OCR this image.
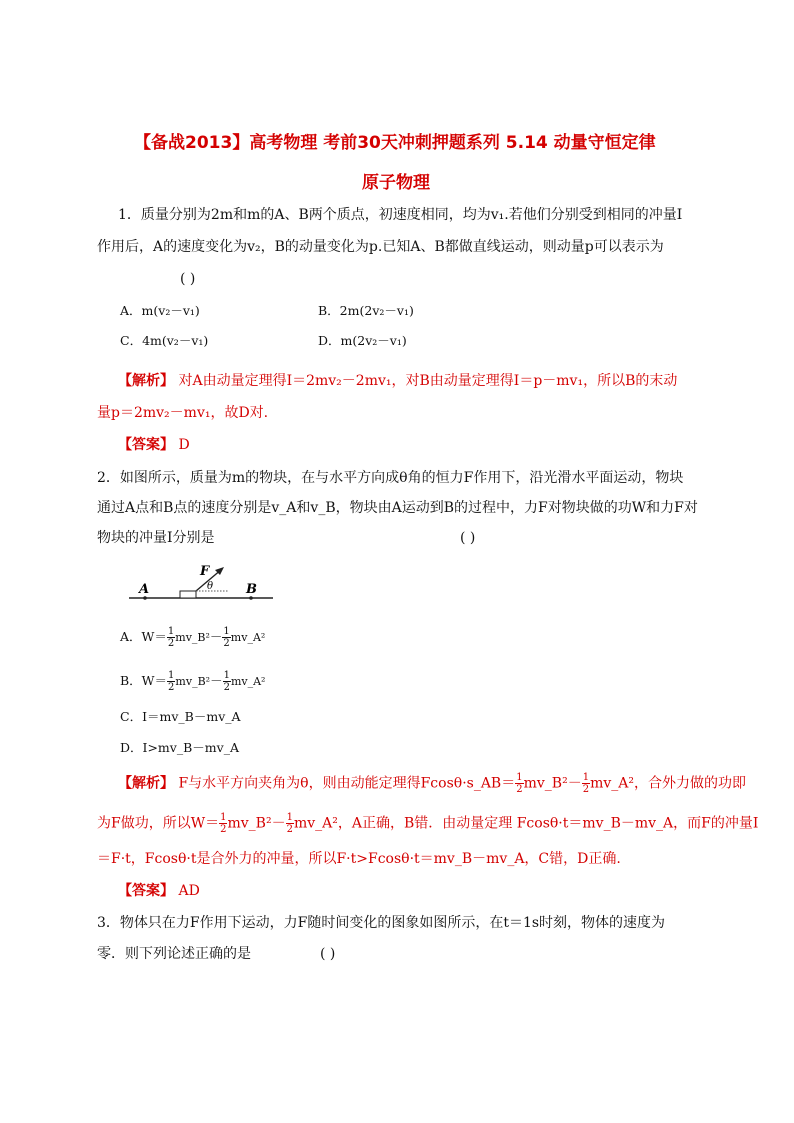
【备战2013】高考物理 考前30天冲刺押题系列 5.14 动量守恒定律
原子物理
1．质量分别为2m和m的A、B两个质点，初速度相同，均为v₁.若他们分别受到相同的冲量I
作用后，A的速度变化为v₂，B的动量变化为p.已知A、B都做直线运动，则动量p可以表示为
( )
A．m(v₂－v₁)	B．2m(2v₂－v₁)
C．4m(v₂－v₁)	D．m(2v₂－v₁)
【解析】 对A由动量定理得I＝2mv₂－2mv₁，对B由动量定理得I＝p－mv₁，所以B的末动
量p＝2mv₂－mv₁，故D对.
【答案】 D
2．如图所示，质量为m的物块，在与水平方向成θ角的恒力F作用下，沿光滑水平面运动，物块
通过A点和B点的速度分别是v_A和v_B，物块由A运动到B的过程中，力F对物块做的功W和力F对
物块的冲量I分别是	( )
A	B
F
θ
A．$W= \frac{1}{2}$ mv_B²－ $\frac{1}{2}$ mv_A²
B．$W= \frac{1}{2}$ mv_B²－ $\frac{1}{2}$ mv_A²
C．I＝mv_B－mv_A
D．I>mv_B－mv_A
【解析】 F与水平方向夹角为θ，则由动能定理得Fcosθ·s_AB＝ $\frac{1}{2}$ mv_B²－ $\frac{1}{2}$ mv_A²，合外力做的功即
为F做功，所以$W= \frac{1}{2}$ mv_B²－ $\frac{1}{2}$ mv_A²，A正确，B错．由动量定理 Fcosθ·t＝mv_B－mv_A，而F的冲量I
＝F·t，Fcosθ·t是合外力的冲量，所以F·t>Fcosθ·t＝mv_B－mv_A，C错，D正确.
【答案】 AD
3．物体只在力F作用下运动，力F随时间变化的图象如图所示，在t＝1s时刻，物体的速度为
零．则下列论述正确的是	( )
